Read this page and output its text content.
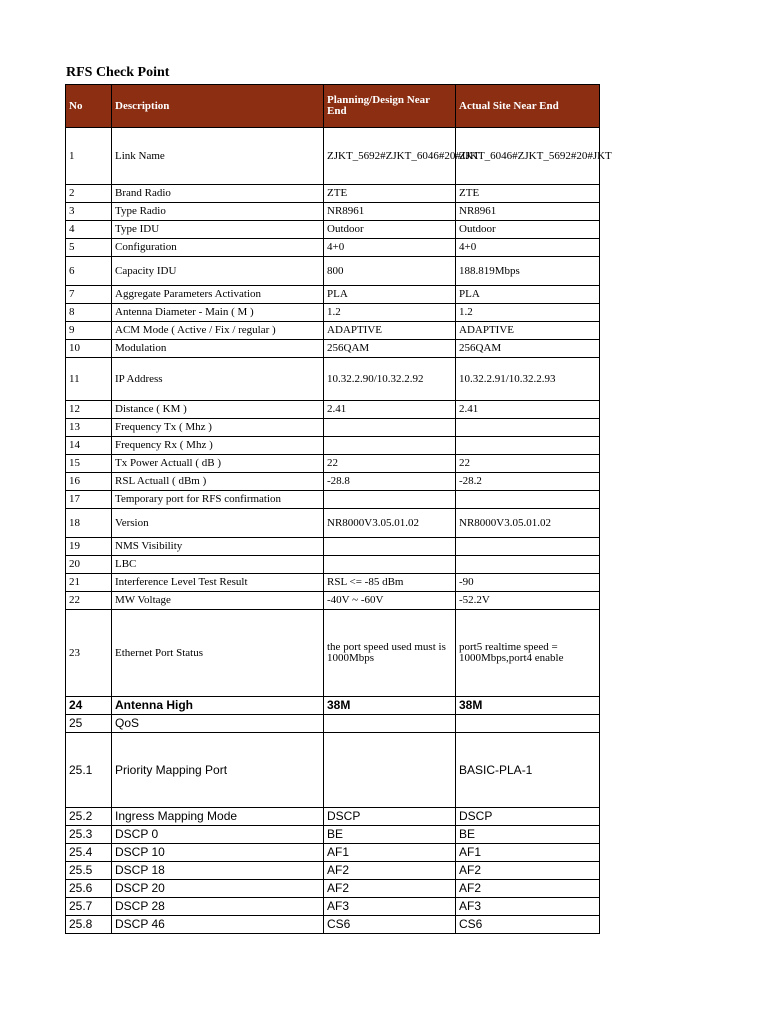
RFS Check Point
No	Description	Planning/Design Near End	Actual Site Near End
1	Link Name	ZJKT_5692#ZJKT_6046#20#JKT	ZJKT_6046#ZJKT_5692#20#JKT
2	Brand Radio	ZTE	ZTE
3	Type Radio	NR8961	NR8961
4	Type IDU	Outdoor	Outdoor
5	Configuration	4+0	4+0
6	Capacity IDU	800	188.819Mbps
7	Aggregate Parameters Activation	PLA	PLA
8	Antenna Diameter - Main ( M )	1.2	1.2
9	ACM Mode ( Active / Fix / regular )	ADAPTIVE	ADAPTIVE
10	Modulation	256QAM	256QAM
11	IP Address	10.32.2.90/10.32.2.92	10.32.2.91/10.32.2.93
12	Distance ( KM )	2.41	2.41
13	Frequency Tx ( Mhz )		
14	Frequency Rx ( Mhz )		
15	Tx Power Actuall ( dB )	22	22
16	RSL Actuall ( dBm )	-28.8	-28.2
17	Temporary port for RFS confirmation		
18	Version	NR8000V3.05.01.02	NR8000V3.05.01.02
19	NMS Visibility		
20	LBC		
21	Interference Level Test Result	RSL <= -85 dBm	-90
22	MW Voltage	-40V ~ -60V	-52.2V
23	Ethernet Port Status	the port speed used must is 1000Mbps	port5 realtime speed = 1000Mbps,port4 enable
24	Antenna High	38M	38M
25	QoS		
25.1	Priority Mapping Port		BASIC-PLA-1
25.2	Ingress Mapping Mode	DSCP	DSCP
25.3	DSCP 0	BE	BE
25.4	DSCP 10	AF1	AF1
25.5	DSCP 18	AF2	AF2
25.6	DSCP 20	AF2	AF2
25.7	DSCP 28	AF3	AF3
25.8	DSCP 46	CS6	CS6
